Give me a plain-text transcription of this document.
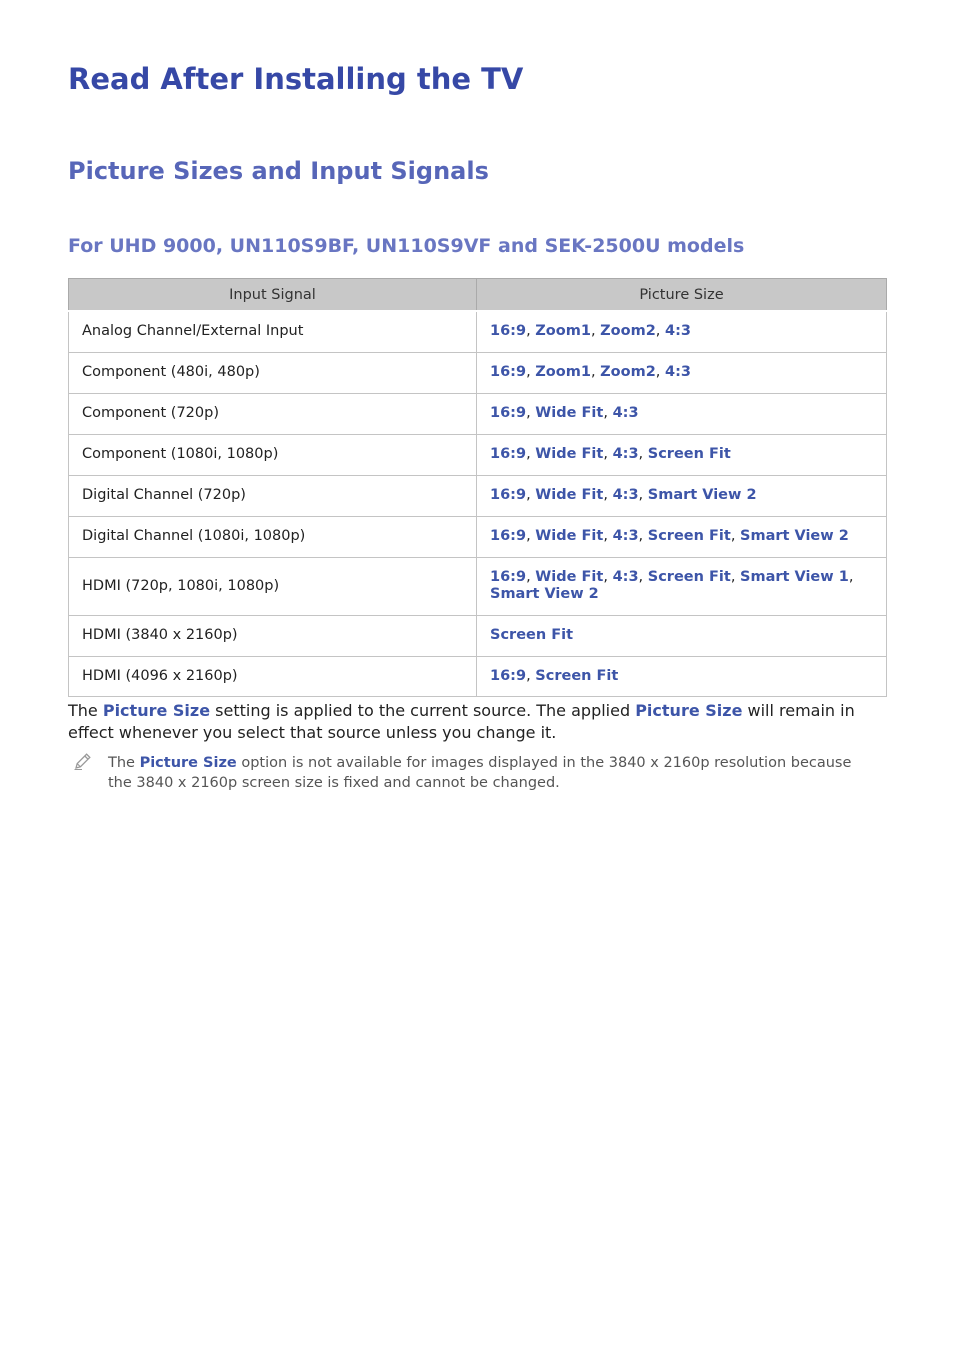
Read After Installing the TV
Picture Sizes and Input Signals
For UHD 9000, UN110S9BF, UN110S9VF and SEK-2500U models
Input Signal	Picture Size
Analog Channel/External Input	16:9, Zoom1, Zoom2, 4:3
Component (480i, 480p)	16:9, Zoom1, Zoom2, 4:3
Component (720p)	16:9, Wide Fit, 4:3
Component (1080i, 1080p)	16:9, Wide Fit, 4:3, Screen Fit
Digital Channel (720p)	16:9, Wide Fit, 4:3, Smart View 2
Digital Channel (1080i, 1080p)	16:9, Wide Fit, 4:3, Screen Fit, Smart View 2
HDMI (720p, 1080i, 1080p)	16:9, Wide Fit, 4:3, Screen Fit, Smart View 1, Smart View 2
HDMI (3840 x 2160p)	Screen Fit
HDMI (4096 x 2160p)	16:9, Screen Fit

The Picture Size setting is applied to the current source. The applied Picture Size will remain in effect whenever you select that source unless you change it.

The Picture Size option is not available for images displayed in the 3840 x 2160p resolution because the 3840 x 2160p screen size is fixed and cannot be changed.
